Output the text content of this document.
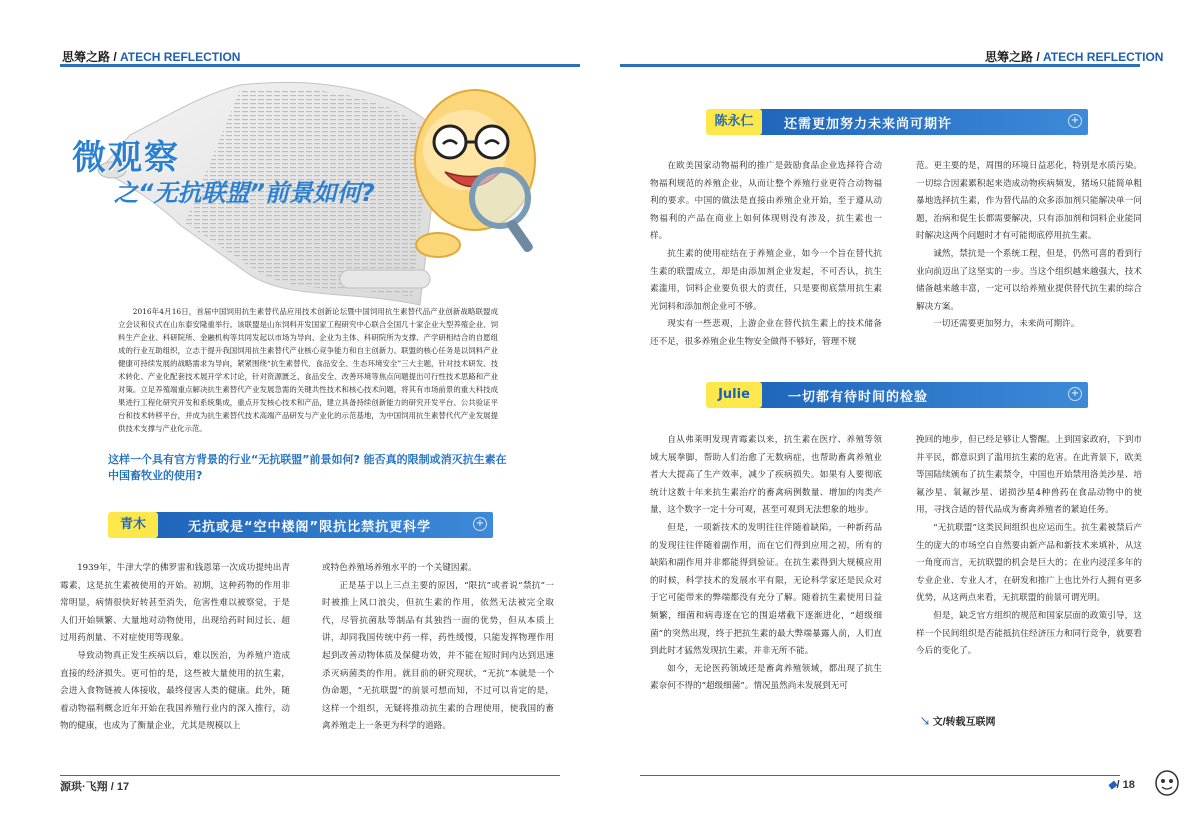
思筹之路 / ATECH REFLECTION	思筹之路 / ATECH REFLECTION
微观察
之“无抗联盟”前景如何?
2016年4月16日，首届中国饲用抗生素替代品应用技术创新论坛暨中国饲用抗生素替代品产业创新战略联盟成立会议和仪式在山东泰安隆重举行。该联盟是山东饲料开发国家工程研究中心联合全国几十家企业大型养殖企业、饲料生产企业、科研院所、金融机构等共同发起以市场为导向、企业为主体、科研院所为支撑、产学研相结合的自愿组成的行业互助组织，立志于提升我国饲用抗生素替代产业核心竞争能力和自主创新力。联盟的核心任务是以饲料产业健康可持续发展的战略需求为导向，紧紧围绕“抗生素替代、食品安全、生态环境安全”三大主题，针对技术研发、技术转化、产业化配套技术展开学术讨论，针对资源匮乏、食品安全、改善环境等焦点问题提出可行性技术思路和产业对策。立足养殖端重点解决抗生素替代产业发展急需的关键共性技术和核心技术问题，将其有市场前景的重大科技成果进行工程化研究开发和系统集成，重点开发核心技术和产品，建立具备持续创新能力的研究开发平台、公共验证平台和技术转移平台，并成为抗生素替代技术高端产品研发与产业化的示范基地，为中国饲用抗生素替代代产业发展提供技术支撑与产业化示范。
这样一个具有官方背景的行业“无抗联盟”前景如何? 能否真的限制或消灭抗生素在中国畜牧业的使用?
无抗或是“空中楼阁”限抗比禁抗更科学	+
青木

1939年，牛津大学的佛罗雷和钱恩第一次成功提纯出青霉素，这是抗生素被使用的开始。初期，这种药物的作用非常明显，病情很快好转甚至消失，危害性难以被察觉，于是人们开始频繁、大量地对动物使用，出现给药时间过长、超过用药剂量、不对症使用等现象。

导致动物真正发生疾病以后，难以医治，为养殖户造成直接的经济损失。更可怕的是，这些被大量使用的抗生素，会进入食物链被人体接收，最终侵害人类的健康。此外，随着动物福利概念近年开始在我国养殖行业内的深入推行，动物的健康，也成为了衡量企业，尤其是规模以上

或特色养殖场养殖水平的一个关键因素。

正是基于以上三点主要的原因，“限抗”或者说“禁抗”一时被推上风口浪尖，但抗生素的作用，依然无法被完全取代，尽管抗菌肽等制品有其独挡一面的优势，但从本质上讲，却同我国传统中药一样，药性缓慢，只能发挥物理作用起到改善动物体质及保健功效，并不能在短时间内达到迅速杀灭病菌类的作用。就目前的研究现状，“无抗”本就是一个伪命题，“无抗联盟”的前景可想而知，不过可以肯定的是，这样一个组织，无疑将推动抗生素的合理使用，使我国的畜禽养殖走上一条更为科学的道路。

还需更加努力未来尚可期许	+
陈永仁

在欧美国家动物福利的推广是鼓励食品企业选择符合动物福利规范的养殖企业，从而让整个养殖行业更符合动物福利的要求。中国的做法是直接由养殖企业开始，至于遵从动物福利的产品在商业上如何体现则没有涉及，抗生素也一样。

抗生素的使用症结在于养殖企业，如今一个旨在替代抗生素的联盟成立，却是由添加剂企业发起，不可否认，抗生素滥用，饲料企业要负很大的责任，只是要彻底禁用抗生素光饲料和添加剂企业可不够。

现实有一些悲观，上游企业在替代抗生素上的技术储备还不足，很多养殖企业生物安全做得不够好，管理不规

范。更主要的是，周围的环境日益恶化，特别是水质污染。一切综合因素累积起来造成动物疾病频发，猪场只能简单粗暴地选择抗生素，作为替代品的众多添加剂只能解决单一问题，治病和促生长都需要解决，只有添加剂和饲料企业能同时解决这两个问题时才有可能彻底停用抗生素。

诚然，禁抗是一个系统工程，但是，仍然可喜的看到行业向前迈出了这坚实的一步。当这个组织越来越强大，技术储备越来越丰富，一定可以给养殖业提供替代抗生素的综合解决方案。

一切还需要更加努力，未来尚可期许。

一切都有待时间的检验	+
Julie

自从弗莱明发现青霉素以来，抗生素在医疗、养殖等领域大展拳脚，帮助人们治愈了无数病症，也帮助畜禽养殖业者大大提高了生产效率，减少了疾病损失。如果有人要彻底统计这数十年来抗生素治疗的畜禽病例数量、增加的肉类产量，这个数字一定十分可观，甚至可观到无法想象的地步。

但是，一项新技术的发明往往伴随着缺陷，一种新药品的发现往往伴随着副作用，而在它们得到应用之初，所有的缺陷和副作用并非都能得到验证。在抗生素得到大规模应用的时候，科学技术的发展水平有限，无论科学家还是民众对于它可能带来的弊端都没有充分了解。随着抗生素使用日益频繁，细菌和病毒逐在它的围追堵截下逐渐进化，“超级细菌”的突然出现，终于把抗生素的最大弊端暴露人前，人们直到此时才猛然发现抗生素，并非无所不能。

如今，无论医药领域还是畜禽养殖领域，都出现了抗生素奈何不得的“超级细菌”。情况虽然尚未发展到无可

挽回的地步，但已经足够让人警醒。上到国家政府，下到市井平民，都意识到了滥用抗生素的危害。在此背景下，欧美等国陆续颁布了抗生素禁令，中国也开始禁用洛美沙星、培氟沙星、氧氟沙星、诺损沙星4种兽药在食品动物中的使用，寻找合适的替代品成为畜禽养殖者的紧迫任务。

“无抗联盟”这类民间组织也应运而生。抗生素被禁后产生的庞大的市场空白自然要由新产品和新技术来填补，从这一角度而言，无抗联盟的机会是巨大的；在业内浸淫多年的专业企业、专业人才，在研发和推广上也比外行人拥有更多优势，从这两点来看，无抗联盟的前景可谓光明。

但是，缺乏官方组织的规范和国家层面的政策引导，这样一个民间组织是否能抵抗住经济压力和同行竞争，就要看今后的变化了。

↘ 文/转载互联网
源珙·飞翔 / 17	◆/ 18
